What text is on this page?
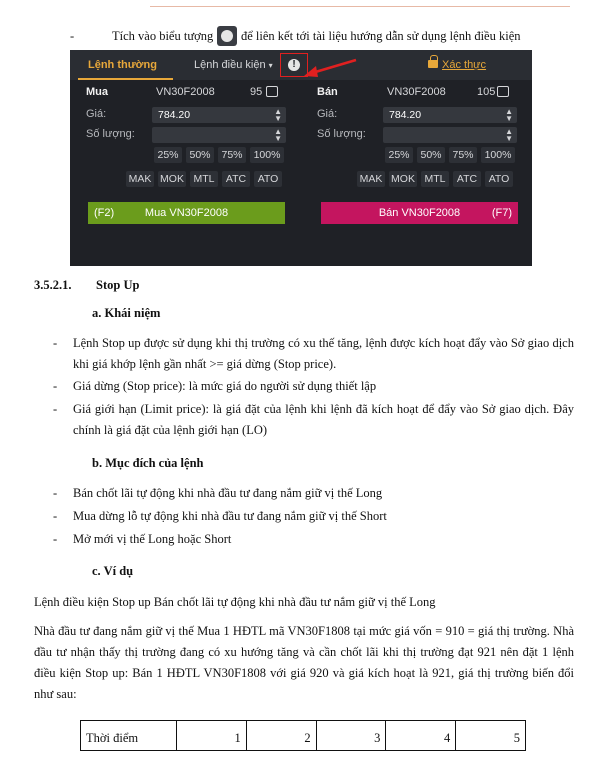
-	Tích vào biểu tượng để liên kết tới tài liệu hướng dẫn sử dụng lệnh điều kiện
Lệnh thường	Lệnh điều kiện ▾	!	Xác thực
Mua	VN30F2008	95
Giá:	784.20	▲
▼
Số lượng:	▲
▼
25%	50%	75%	100%
MAK MOK MTL	ATC	ATO
Mua VN30F2008
(F2)
Bán	VN30F2008	105
Giá:	784.20	▲
▼
Số lượng:	▲
▼
25%	50%	75%	100%
MAK MOK MTL	ATC	ATO
Bán VN30F2008	(F7)
3.5.2.1. Stop Up
a. Khái niệm
- Lệnh Stop up được sử dụng khi thị trường có xu thế tăng, lệnh được kích hoạt đẩy vào Sở giao dịch khi giá khớp lệnh gần nhất >= giá dừng (Stop price).
- Giá dừng (Stop price): là mức giá do người sử dụng thiết lập
- Giá giới hạn (Limit price): là giá đặt của lệnh khi lệnh đã kích hoạt để đẩy vào Sở giao dịch. Đây chính là giá đặt của lệnh giới hạn (LO)
b. Mục đích của lệnh
- Bán chốt lãi tự động khi nhà đầu tư đang nắm giữ vị thế Long
- Mua dừng lỗ tự động khi nhà đầu tư đang nắm giữ vị thế Short
- Mở mới vị thế Long hoặc Short
c. Ví dụ
Lệnh điều kiện Stop up Bán chốt lãi tự động khi nhà đầu tư nắm giữ vị thế Long
Nhà đầu tư đang nắm giữ vị thế Mua 1 HĐTL mã VN30F1808 tại mức giá vốn = 910 = giá thị trường. Nhà đầu tư nhận thấy thị trường đang có xu hướng tăng và cần chốt lãi khi thị trường đạt 921 nên đặt 1 lệnh điều kiện Stop up: Bán 1 HĐTL VN30F1808 với giá 920 và giá kích hoạt là 921, giá thị trường biến đổi như sau:
Thời điểm	1	2	3	4	5
